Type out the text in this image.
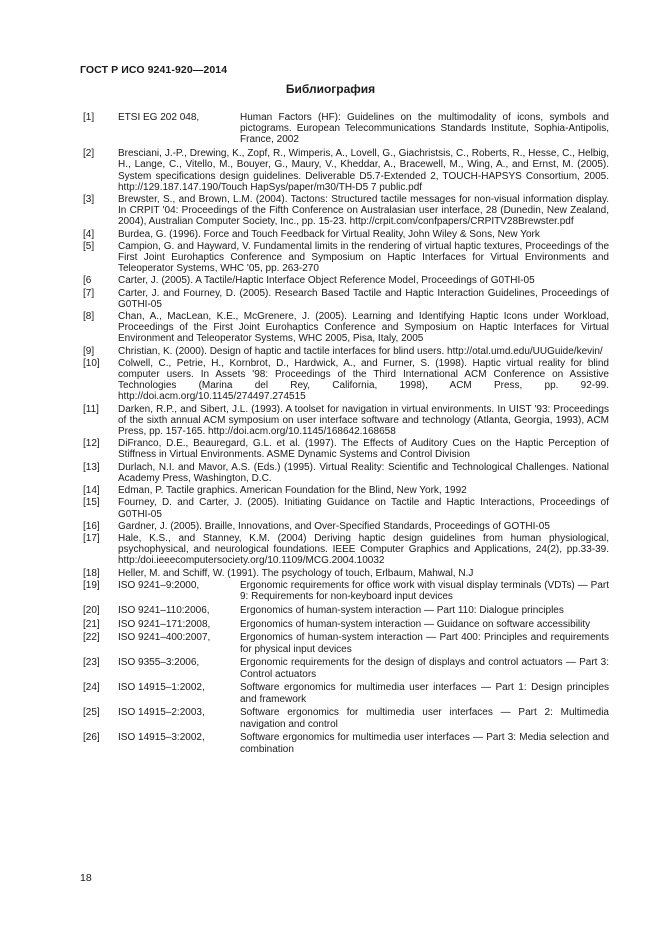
ГОСТ Р ИСО 9241-920—2014
Библиография
[1]	ETSI EG 202 048,	Human Factors (HF): Guidelines on the multimodality of icons, symbols and pictograms. European Telecommunications Standards Institute, Sophia-Antipolis, France, 2002
[2]	Bresciani, J.-P., Drewing, K., Zopf, R., Wimperis, A., Lovell, G., Giachristsis, C., Roberts, R., Hesse, C., Helbig, H., Lange, C., Vitello, M., Bouyer, G., Maury, V., Kheddar, A., Bracewell, M., Wing, A., and Ernst, M. (2005). System specifications design guidelines. Deliverable D5.7-Extended 2, TOUCH-HAPSYS Consortium, 2005. http://129.187.147.190/Touch HapSys/paper/m30/TH-D5 7 public.pdf
[3]	Brewster, S., and Brown, L.M. (2004). Tactons: Structured tactile messages for non-visual information display. In CRPIT '04: Proceedings of the Fifth Conference on Australasian user interface, 28 (Dunedin, New Zealand, 2004), Australian Computer Society, Inc., pp. 15-23. http://crpit.com/confpapers/CRPITV28Brewster.pdf
[4]	Burdea, G. (1996). Force and Touch Feedback for Virtual Reality, John Wiley & Sons, New York
[5]	Campion, G. and Hayward, V. Fundamental limits in the rendering of virtual haptic textures, Proceedings of the First Joint Eurohaptics Conference and Symposium on Haptic Interfaces for Virtual Environments and Teleoperator Systems, WHC '05, pp. 263-270
[6	Carter, J. (2005). A Tactile/Haptic Interface Object Reference Model, Proceedings of G0THI-05
[7]	Carter, J. and Fourney, D. (2005). Research Based Tactile and Haptic Interaction Guidelines, Proceedings of G0THI-05
[8]	Chan, A., MacLean, K.E., McGrenere, J. (2005). Learning and Identifying Haptic Icons under Workload, Proceedings of the First Joint Eurohaptics Conference and Symposium on Haptic Interfaces for Virtual Environment and Teleoperator Systems, WHC 2005, Pisa, Italy, 2005
[9]	Christian, K. (2000). Design of haptic and tactile interfaces for blind users. http://otal.umd.edu/UUGuide/kevin/
[10]	Colwell, C., Petrie, H., Kornbrot, D., Hardwick, A., and Furner, S. (1998). Haptic virtual reality for blind computer users. In Assets '98: Proceedings of the Third International ACM Conference on Assistive Technologies (Marina del Rey, California, 1998), ACM Press, pp. 92-99. http://doi.acm.org/10.1145/274497.274515
[11]	Darken, R.P., and Sibert, J.L. (1993). A toolset for navigation in virtual environments. In UIST '93: Proceedings of the sixth annual ACM symposium on user interface software and technology (Atlanta, Georgia, 1993), ACM Press, pp. 157-165. http://doi.acm.org/10.1145/168642.168658
[12]	DiFranco, D.E., Beauregard, G.L. et al. (1997). The Effects of Auditory Cues on the Haptic Perception of Stiffness in Virtual Environments. ASME Dynamic Systems and Control Division
[13]	Durlach, N.I. and Mavor, A.S. (Eds.) (1995). Virtual Reality: Scientific and Technological Challenges. National Academy Press, Washington, D.C.
[14]	Edman, P. Tactile graphics. American Foundation for the Blind, New York, 1992
[15]	Fourney, D. and Carter, J. (2005). Initiating Guidance on Tactile and Haptic Interactions, Proceedings of G0THI-05
[16]	Gardner, J. (2005). Braille, Innovations, and Over-Specified Standards, Proceedings of GOTHI-05
[17]	Hale, K.S., and Stanney, K.M. (2004) Deriving haptic design guidelines from human physiological, psychophysical, and neurological foundations. IEEE Computer Graphics and Applications, 24(2), pp.33-39. http:/doi.ieeecomputersociety.org/10.1109/MCG.2004.10032
[18]	Heller, M. and Schiff, W. (1991). The psychology of touch, Erlbaum, Mahwal, N.J
[19]	ISO 9241–9:2000,	Ergonomic requirements for office work with visual display terminals (VDTs) — Part 9: Requirements for non-keyboard input devices
[20]	ISO 9241–110:2006,	Ergonomics of human-system interaction — Part 110: Dialogue principles
[21]	ISO 9241–171:2008,	Ergonomics of human-system interaction — Guidance on software accessibility
[22]	ISO 9241–400:2007,	Ergonomics of human-system interaction — Part 400: Principles and requirements for physical input devices
[23]	ISO 9355–3:2006,	Ergonomic requirements for the design of displays and control actuators — Part 3: Control actuators
[24]	ISO 14915–1:2002,	Software ergonomics for multimedia user interfaces — Part 1: Design principles and framework
[25]	ISO 14915–2:2003,	Software ergonomics for multimedia user interfaces — Part 2: Multimedia navigation and control
[26]	ISO 14915–3:2002,	Software ergonomics for multimedia user interfaces — Part 3: Media selection and combination
18
